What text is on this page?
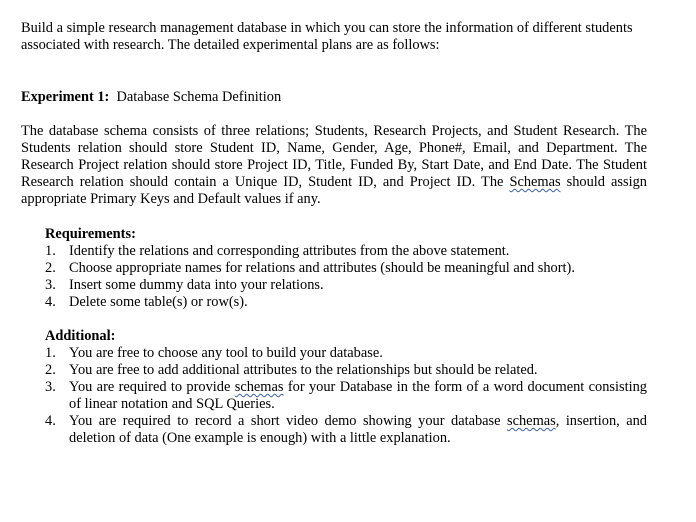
Build a simple research management database in which you can store the information of different students associated with research. The detailed experimental plans are as follows:

Experiment 1: Database Schema Definition

The database schema consists of three relations; Students, Research Projects, and Student Research. The Students relation should store Student ID, Name, Gender, Age, Phone#, Email, and Department. The Research Project relation should store Project ID, Title, Funded By, Start Date, and End Date. The Student Research relation should contain a Unique ID, Student ID, and Project ID. The Schemas should assign appropriate Primary Keys and Default values if any.

Requirements:
1. Identify the relations and corresponding attributes from the above statement.
2. Choose appropriate names for relations and attributes (should be meaningful and short).
3. Insert some dummy data into your relations.
4. Delete some table(s) or row(s).
Additional:
1. You are free to choose any tool to build your database.
2. You are free to add additional attributes to the relationships but should be related.
3. You are required to provide schemas for your Database in the form of a word document consisting of linear notation and SQL Queries.
4. You are required to record a short video demo showing your database schemas, insertion, and deletion of data (One example is enough) with a little explanation.
